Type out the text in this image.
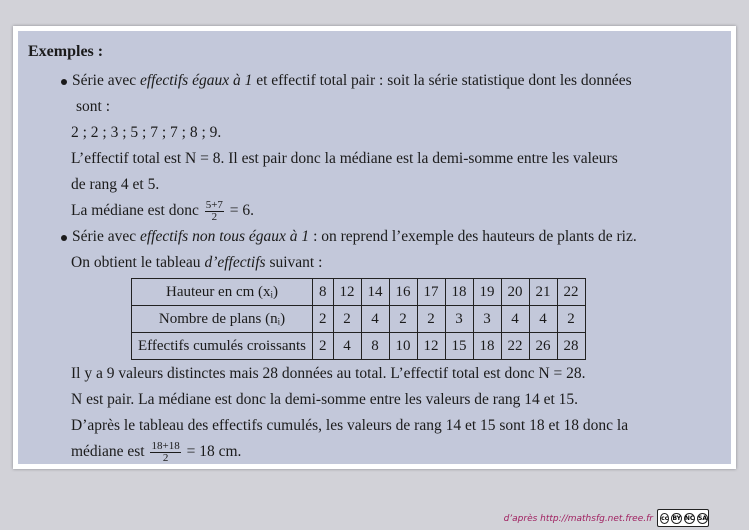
Exemples :
Série avec effectifs égaux à 1 et effectif total pair : soit la série statistique dont les données
sont :
2 ; 2 ; 3 ; 5 ; 7 ; 7 ; 8 ; 9.
L’effectif total est N = 8. Il est pair donc la médiane est la demi-somme entre les valeurs
de rang 4 et 5.
La médiane est donc $\frac{5+7}{2} = 6$.
Série avec effectifs non tous égaux à 1 : on reprend l’exemple des hauteurs de plants de riz.
On obtient le tableau d’effectifs suivant :
Hauteur en cm (xᵢ)	8	12	14	16	17	18	19	20	21	22
Nombre de plans (nᵢ)	2	2	4	2	2	3	3	4	4	2
Effectifs cumulés croissants	2	4	8	10	12	15	18	22	26	28
Il y a 9 valeurs distinctes mais 28 données au total. L’effectif total est donc N = 28.
N est pair. La médiane est donc la demi-somme entre les valeurs de rang 14 et 15.
D’après le tableau des effectifs cumulés, les valeurs de rang 14 et 15 sont 18 et 18 donc la
médiane est $\frac{18+18}{2} = 18$ cm.
d’après http://mathsfg.net.free.fr cc BY NC SA
